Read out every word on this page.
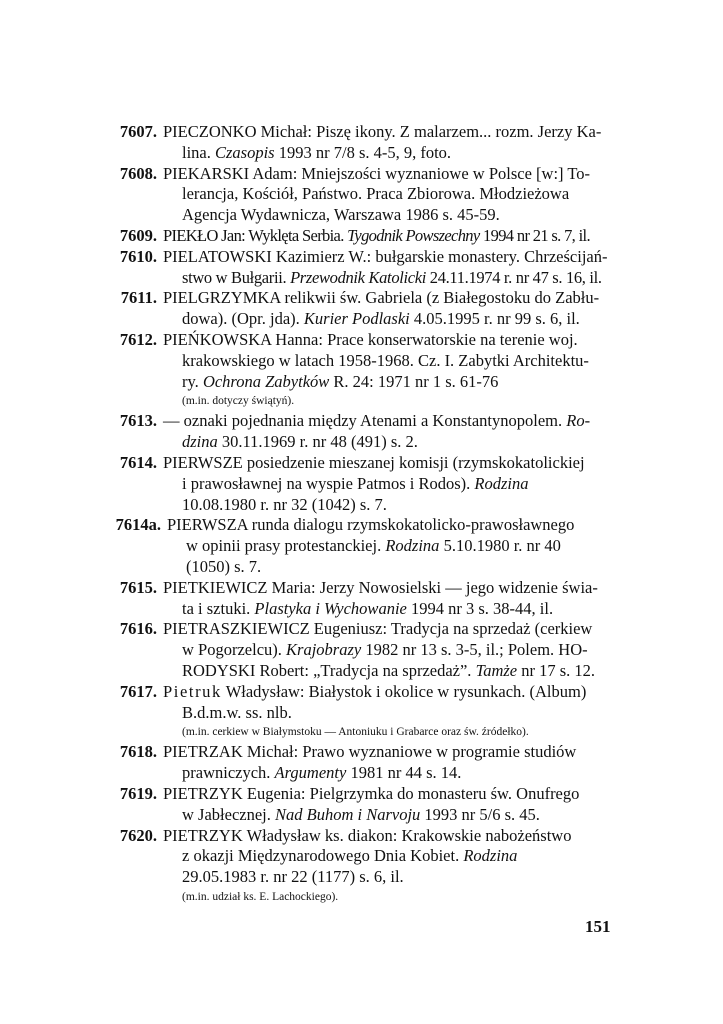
7607. PIECZONKO Michał: Piszę ikony. Z malarzem... rozm. Jerzy Ka-
lina. Czasopis 1993 nr 7/8 s. 4-5, 9, foto.
7608. PIEKARSKI Adam: Mniejszości wyznaniowe w Polsce [w:] To-
lerancja, Kościół, Państwo. Praca Zbiorowa. Młodzieżowa
Agencja Wydawnicza, Warszawa 1986 s. 45-59.
7609. PIEKŁO Jan: Wyklęta Serbia. Tygodnik Powszechny 1994 nr 21 s. 7, il.
7610. PIELATOWSKI Kazimierz W.: bułgarskie monastery. Chrześcijań-
stwo w Bułgarii. Przewodnik Katolicki 24.11.1974 r. nr 47 s. 16, il.
7611. PIELGRZYMKA relikwii św. Gabriela (z Białegostoku do Zabłu-
dowa). (Opr. jda). Kurier Podlaski 4.05.1995 r. nr 99 s. 6, il.
7612. PIEŃKOWSKA Hanna: Prace konserwatorskie na terenie woj.
krakowskiego w latach 1958-1968. Cz. I. Zabytki Architektu-
ry. Ochrona Zabytków R. 24: 1971 nr 1 s. 61-76
(m.in. dotyczy świątyń).
7613. — oznaki pojednania między Atenami a Konstantynopolem. Ro-
dzina 30.11.1969 r. nr 48 (491) s. 2.
7614. PIERWSZE posiedzenie mieszanej komisji (rzymskokatolickiej
i prawosławnej na wyspie Patmos i Rodos). Rodzina
10.08.1980 r. nr 32 (1042) s. 7.
7614a. PIERWSZA runda dialogu rzymskokatolicko-prawosławnego
w opinii prasy protestanckiej. Rodzina 5.10.1980 r. nr 40
(1050) s. 7.
7615. PIETKIEWICZ Maria: Jerzy Nowosielski — jego widzenie świa-
ta i sztuki. Plastyka i Wychowanie 1994 nr 3 s. 38-44, il.
7616. PIETRASZKIEWICZ Eugeniusz: Tradycja na sprzedaż (cerkiew
w Pogorzelcu). Krajobrazy 1982 nr 13 s. 3-5, il.; Polem. HO-
RODYSKI Robert: „Tradycja na sprzedaż”. Tamże nr 17 s. 12.
7617. Pietruk Władysław: Białystok i okolice w rysunkach. (Album)
B.d.m.w. ss. nlb.
(m.in. cerkiew w Białymstoku — Antoniuku i Grabarce oraz św. źródełko).
7618. PIETRZAK Michał: Prawo wyznaniowe w programie studiów
prawniczych. Argumenty 1981 nr 44 s. 14.
7619. PIETRZYK Eugenia: Pielgrzymka do monasteru św. Onufrego
w Jabłecznej. Nad Buhom i Narvoju 1993 nr 5/6 s. 45.
7620. PIETRZYK Władysław ks. diakon: Krakowskie nabożeństwo
z okazji Międzynarodowego Dnia Kobiet. Rodzina
29.05.1983 r. nr 22 (1177) s. 6, il.
(m.in. udział ks. E. Lachockiego).
151
